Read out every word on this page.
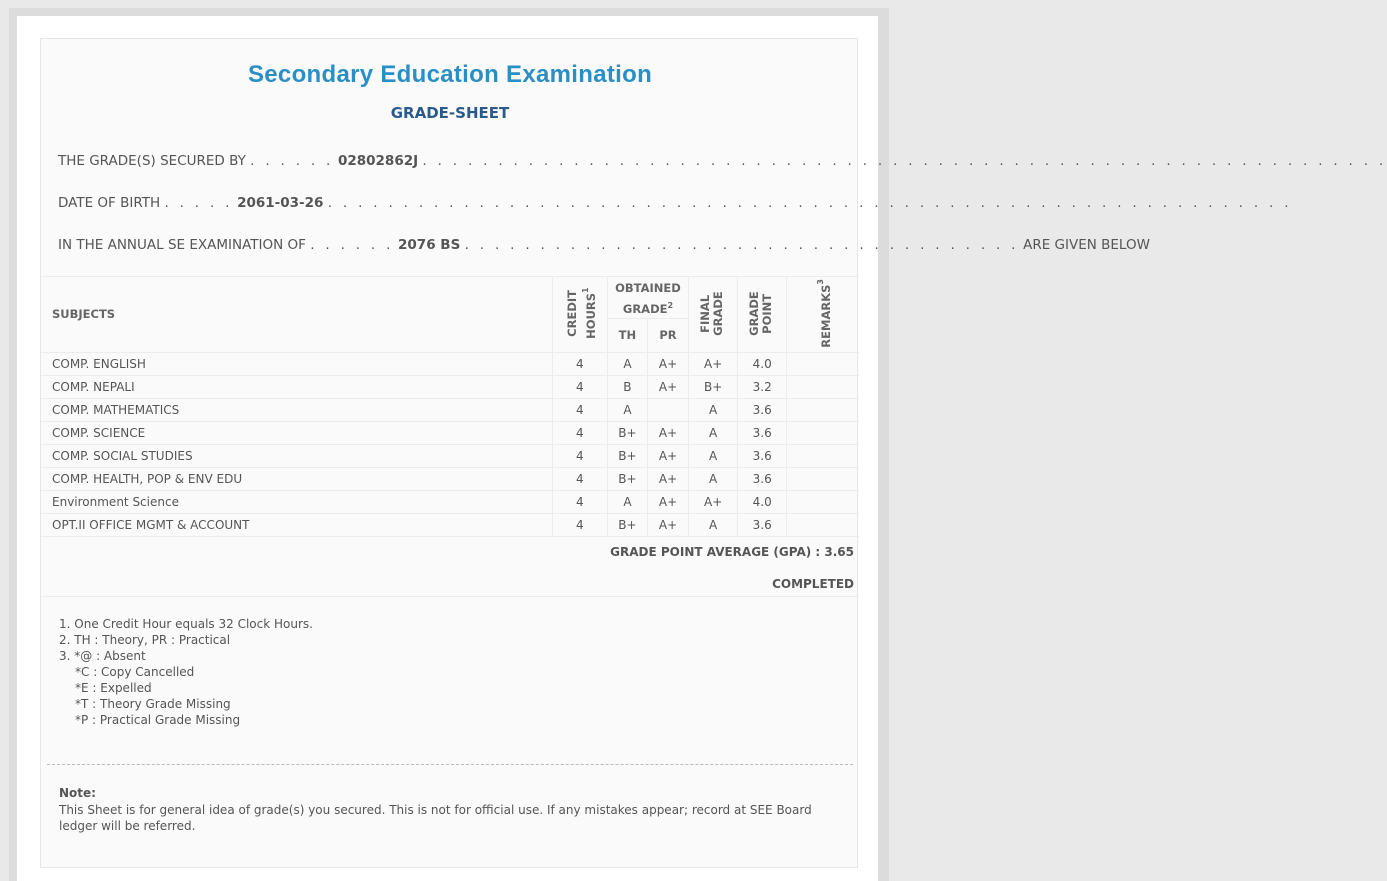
Secondary Education Examination
GRADE-SHEET
THE GRADE(S) SECURED BY . . . . . . 02802862J . . . . . . . . . . . . . . . . . . . . . . . . . . . . . . . . . . . . . . . . . . . . . . . . . . . . . . . . . . . . . . . .
DATE OF BIRTH . . . . . 2061-03-26 . . . . . . . . . . . . . . . . . . . . . . . . . . . . . . . . . . . . . . . . . . . . . . . . . . . . . . . . . . . . . . . .
IN THE ANNUAL SE EXAMINATION OF . . . . . . 2076 BS . . . . . . . . . . . . . . . . . . . . . . . . . . . . . . . . . . . . . ARE GIVEN BELOW
SUBJECTS	CREDIT HOURS$^1$	OBTAINED GRADE$^2$		FINAL GRADE	GRADE POINT	REMARKS$^3$
		TH	PR			
COMP. ENGLISH	4	A	A+	A+	4.0	
COMP. NEPALI	4	B	A+	B+	3.2	
COMP. MATHEMATICS	4	A		A	3.6	
COMP. SCIENCE	4	B+	A+	A	3.6	
COMP. SOCIAL STUDIES	4	B+	A+	A	3.6	
COMP. HEALTH, POP & ENV EDU	4	B+	A+	A	3.6	
Environment Science	4	A	A+	A+	4.0	
OPT.II OFFICE MGMT & ACCOUNT	4	B+	A+	A	3.6	
GRADE POINT AVERAGE (GPA) : 3.65
COMPLETED
1. One Credit Hour equals 32 Clock Hours.
2. TH : Theory, PR : Practical
3. *@ : Absent
*C : Copy Cancelled
*E : Expelled
*T : Theory Grade Missing
*P : Practical Grade Missing
Note:
This Sheet is for general idea of grade(s) you secured. This is not for official use. If any mistakes appear; record at SEE Board ledger will be referred.
